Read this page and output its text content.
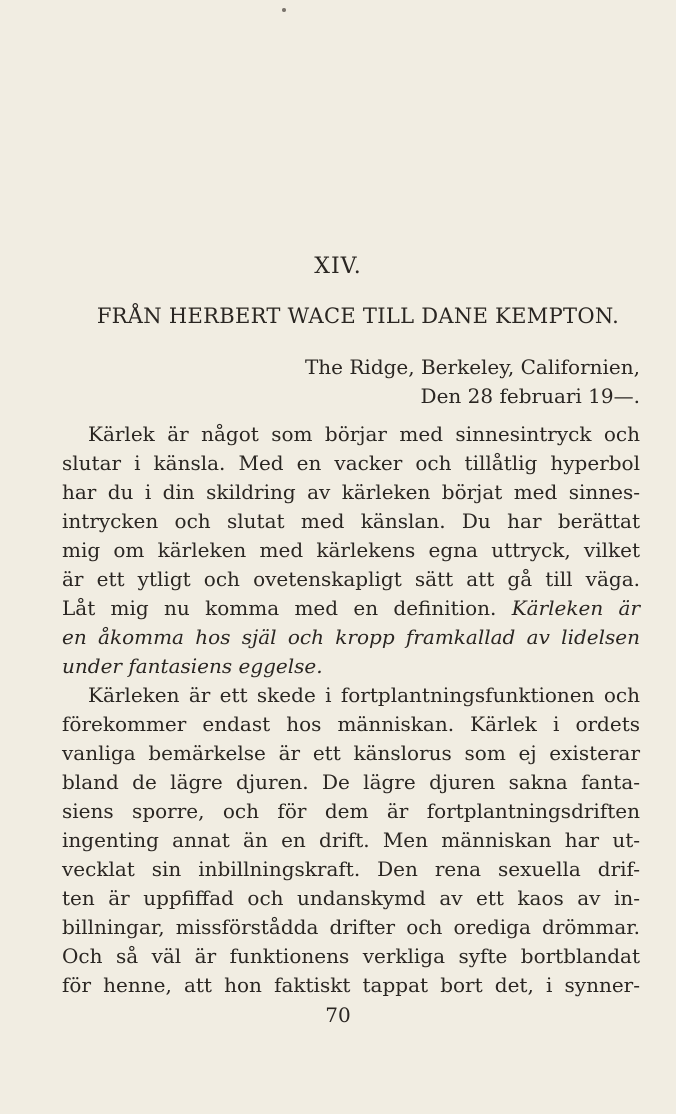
XIV.
FRÅN HERBERT WACE TILL DANE KEMPTON.
The Ridge, Berkeley, Californien,
Den 28 februari 19—.
Kärlek är något som börjar med sinnesintryck och
slutar i känsla. Med en vacker och tillåtlig hyperbol
har du i din skildring av kärleken börjat med sinnes-
intrycken och slutat med känslan. Du har berättat
mig om kärleken med kärlekens egna uttryck, vilket
är ett ytligt och ovetenskapligt sätt att gå till väga.
Låt mig nu komma med en definition. Kärleken är
en åkomma hos själ och kropp framkallad av lidelsen
under fantasiens eggelse.
Kärleken är ett skede i fortplantningsfunktionen och
förekommer endast hos människan. Kärlek i ordets
vanliga bemärkelse är ett känslorus som ej existerar
bland de lägre djuren. De lägre djuren sakna fanta-
siens sporre, och för dem är fortplantningsdriften
ingenting annat än en drift. Men människan har ut-
vecklat sin inbillningskraft. Den rena sexuella drif-
ten är uppfiffad och undanskymd av ett kaos av in-
billningar, missförstådda drifter och oredigа drömmar.
Och så väl är funktionens verkliga syfte bortblandat
för henne, att hon faktiskt tappat bort det, i synner-
70
